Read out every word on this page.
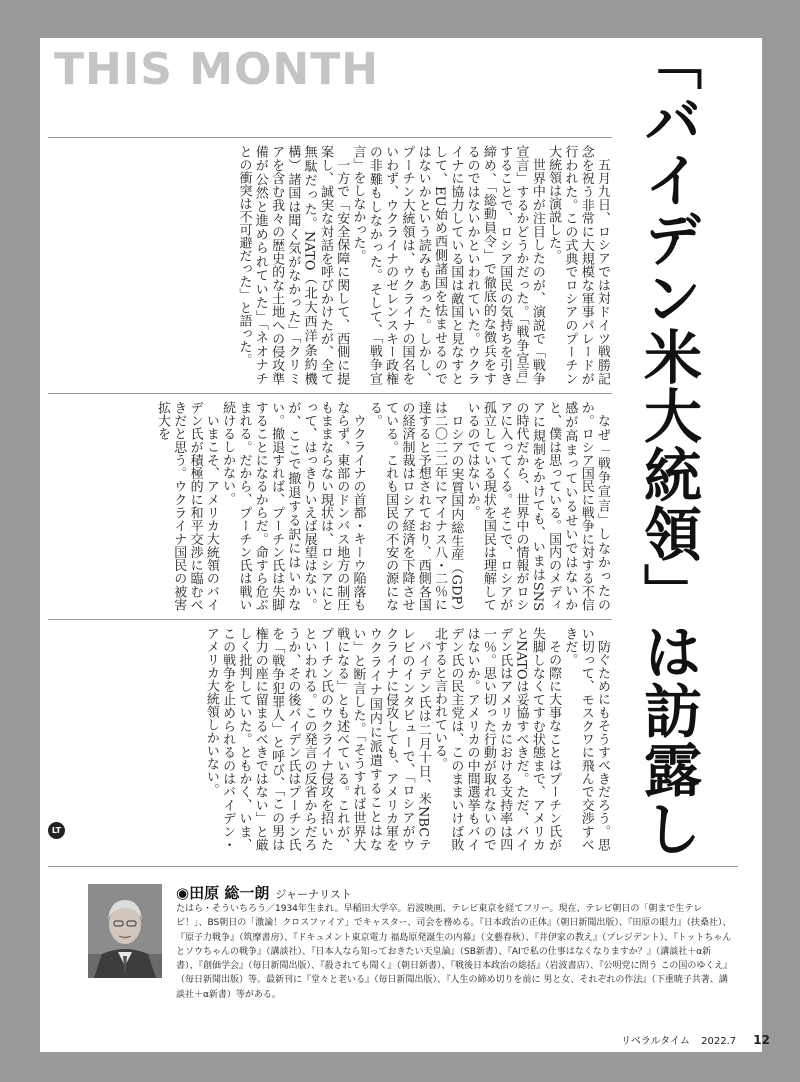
THIS MONTH

五月九日、ロシアでは対ドイツ戦勝記念を祝う非常に大規模な軍事パレードが行われた。この式典でロシアのプーチン大統領は演説した。

世界中が注目したのが、演説で「戦争宣言」するかどうかだった。「戦争宣言」することで、ロシア国民の気持ちを引き締め、「総動員令」で徹底的な徴兵をするのではないかといわれていた。ウクライナに協力している国は敵国と見なすとして、EU始め西側諸国を怯ませるのではないかという読みもあった。しかし、プーチン大統領は、ウクライナの国名をいわず、ウクライナのゼレンスキー政権の非難もしなかった。そして、「戦争宣言」をしなかった。

一方で「安全保障に関して、西側に提案し、誠実な対話を呼びかけたが、全て無駄だった。NATO（北大西洋条約機構）諸国は聞く気がなかった」「クリミアを含む我々の歴史的な土地への侵攻準備が公然と進められていた」「ネオナチとの衝突は不可避だった」と語った。

なぜ「戦争宣言」しなかったのか。ロシア国民に戦争に対する不信感が高まっているせいではないかと、僕は思っている。国内のメディアに規制をかけても、いまはSNSの時代だから、世界中の情報がロシアに入ってくる。そこで、ロシアが孤立している現状を国民は理解しているのではないか。

ロシアの実質国内総生産（GDP）は二〇二二年にマイナス八・二％に達すると予想されており、西側各国の経済制裁はロシア経済を下降させている。これも国民の不安の源になる。

ウクライナの首都・キーウ陥落もならず、東部のドンバス地方の制圧もままならない現状は、ロシアにとって、はっきりいえば展望はない。が、ここで撤退する訳にはいかない。撤退すれば、プーチン氏は失脚することになるからだ。命すら危ぶまれる。だから、プーチン氏は戦い続けるしかない。

いまこそ、アメリカ大統領のバイデン氏が積極的に和平交渉に臨むべきだと思う。ウクライナ国民の被害拡大を

防ぐためにもそうすべきだろう。思い切って、モスクワに飛んで交渉すべきだ。

その際に大事なことはプーチン氏が失脚しなくてすむ状態まで、アメリカとNATOは妥協すべきだ。ただ、バイデン氏はアメリカにおける支持率は四一％。思い切った行動が取れないのではないか。アメリカの中間選挙もバイデン氏の民主党は、このままいけば敗北すると言われている。

バイデン氏は二月十日、米NBCテレビのインタビューで、「ロシアがウクライナに侵攻しても、アメリカ軍をウクライナ国内に派遣することはない」と断言した。「そうすれば世界大戦になる」とも述べている。これが、プーチン氏のウクライナ侵攻を招いたといわれる。この発言の反省からだろうか、その後バイデン氏はプーチン氏を「戦争犯罪人」と呼び、「この男は権力の座に留まるべきではない」と厳しく批判していた。ともかく、いま、この戦争を止められるのはバイデン・アメリカ大統領しかいない。

LT
「バイデン米大統領」は訪露し
◉田原 総一朗 ジャーナリスト
たはら・そういちろう／1934年生まれ。早稲田大学卒。岩波映画、テレビ東京を経てフリー。現在、テレビ朝日の「朝まで生テレビ！」、BS朝日の「激論！クロスファイア」でキャスター、司会を務める。『日本政治の正体』（朝日新聞出版）、『田原の眼力』（扶桑社）、『原子力戦争』（筑摩書房）、『ドキュメント東京電力 福島原発誕生の内幕』（文藝春秋）、『井伊家の教え』（プレジデント）、『トットちゃんとソウちゃんの戦争』（講談社）、『日本人なら知っておきたい天皇論』（SB新書）、『AIで私の仕事はなくなりますか？』（講談社＋α新書）、『創価学会』（毎日新聞出版）、『殺されても聞く』（朝日新書）、『戦後日本政治の総括』（岩波書店）、『公明党に問う この国のゆくえ』（毎日新聞出版）等。最新刊に『堂々と老いる』（毎日新聞出版）、『人生の締め切りを前に 男と女、それぞれの作法』（下重暁子共著、講談社＋α新書）等がある。
リベラルタイム 2022.7 12
